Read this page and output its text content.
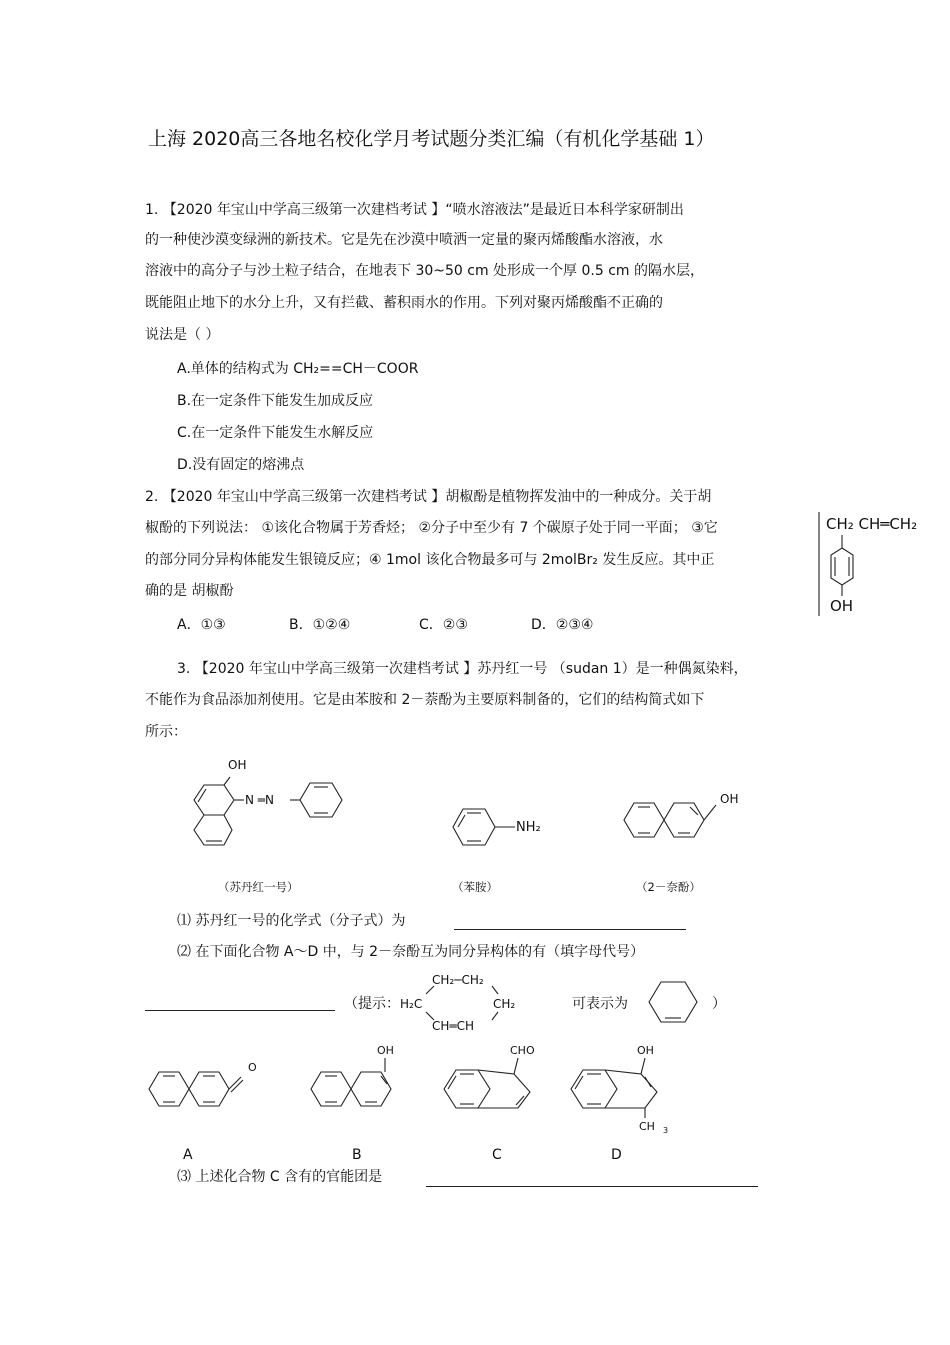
上海 2020高三各地名校化学月考试题分类汇编（有机化学基础 1）
1. 【2020 年宝山中学高三级第一次建档考试 】“喷水溶液法”是最近日本科学家研制出
的一种使沙漠变绿洲的新技术。它是先在沙漠中喷洒一定量的聚丙烯酸酯水溶液，水
溶液中的高分子与沙土粒子结合，在地表下 30~50 cm 处形成一个厚 0.5 cm 的隔水层，
既能阻止地下的水分上升，又有拦截、蓄积雨水的作用。下列对聚丙烯酸酯不正确的
说法是（ ）
A.单体的结构式为 CH₂==CH－COOR
B.在一定条件下能发生加成反应
C.在一定条件下能发生水解反应
D.没有固定的熔沸点
2. 【2020 年宝山中学高三级第一次建档考试 】胡椒酚是植物挥发油中的一种成分。关于胡
椒酚的下列说法： ①该化合物属于芳香烃； ②分子中至少有 7 个碳原子处于同一平面； ③它
的部分同分异构体能发生银镜反应；④ 1mol 该化合物最多可与 2molBr₂ 发生反应。其中正
确的是 胡椒酚
A．①③	B．①②④	C．②③	D．②③④
CH₂ CH═CH₂
OH
3. 【2020 年宝山中学高三级第一次建档考试 】苏丹红一号 （sudan 1）是一种偶氮染料，
不能作为食品添加剂使用。它是由苯胺和 2－萘酚为主要原料制备的，它们的结构简式如下
所示：
OH
N ═N
NH₂
OH
（苏丹红一号）	（苯胺）	（2－奈酚）
⑴ 苏丹红一号的化学式（分子式）为
⑵ 在下面化合物 A～D 中，与 2－奈酚互为同分异构体的有（填字母代号）
（提示：
CH₂─CH₂
H₂C	CH₂
CH═CH
可表示为	）
O
OH	CHO	OH
CH 3
A	B	C	D
⑶ 上述化合物 C 含有的官能团是
